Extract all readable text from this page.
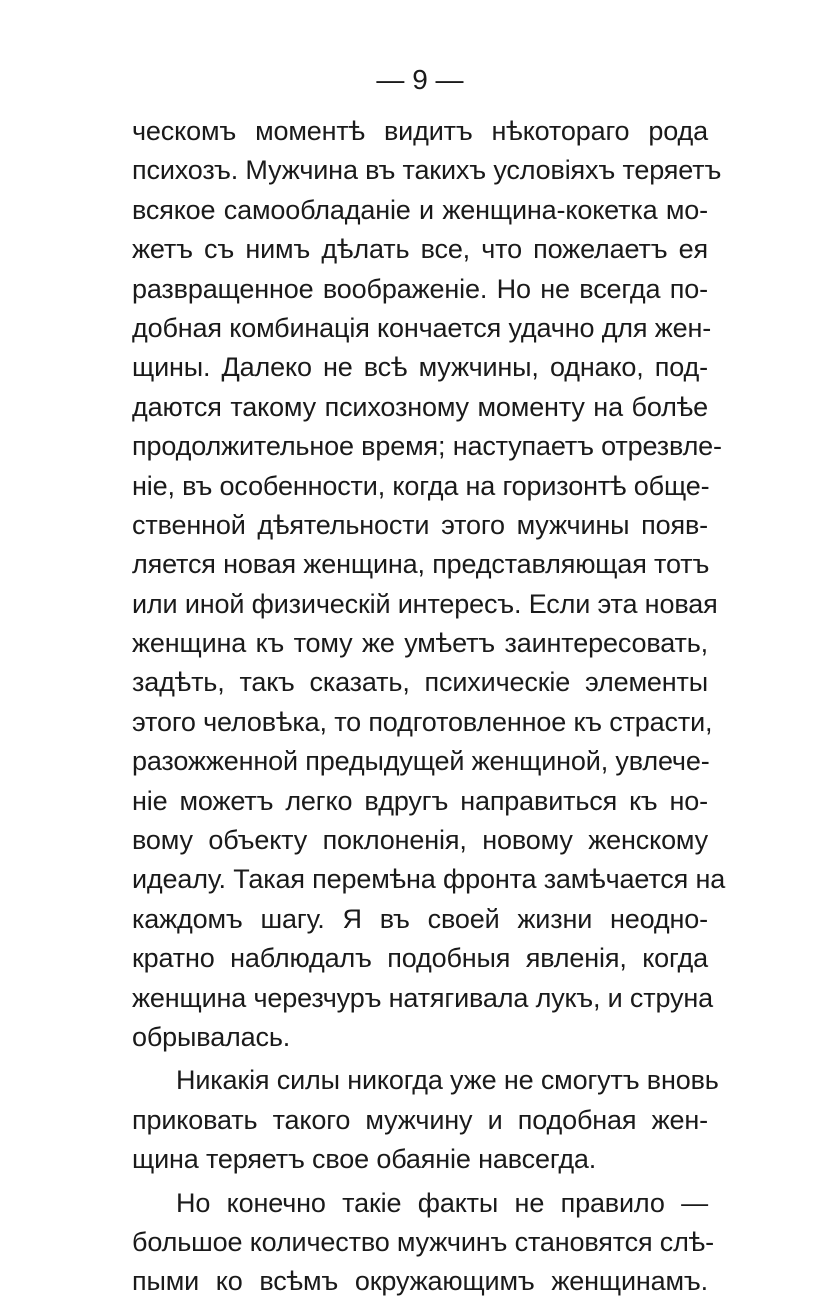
— 9 —
ческомъ моментѣ видитъ нѣкотораго рода
психозъ. Мужчина въ такихъ условіяхъ теряетъ
всякое самообладаніе и женщина-кокетка мо-
жетъ съ нимъ дѣлать все, что пожелаетъ ея
развращенное воображеніе. Но не всегда по-
добная комбинація кончается удачно для жен-
щины. Далеко не всѣ мужчины, однако, под-
даются такому психозному моменту на болѣе
продолжительное время; наступаетъ отрезвле-
ніе, въ особенности, когда на горизонтѣ обще-
ственной дѣятельности этого мужчины появ-
ляется новая женщина, представляющая тотъ
или иной физическій интересъ. Если эта новая
женщина къ тому же умѣетъ заинтересовать,
задѣть, такъ сказать, психическіе элементы
этого человѣка, то подготовленное къ страсти,
разожженной предыдущей женщиной, увлече-
ніе можетъ легко вдругъ направиться къ но-
вому объекту поклоненія, новому женскому
идеалу. Такая перемѣна фронта замѣчается на
каждомъ шагу. Я въ своей жизни неодно-
кратно наблюдалъ подобныя явленія, когда
женщина черезчуръ натягивала лукъ, и струна
обрывалась.
Никакія силы никогда уже не смогутъ вновь
приковать такого мужчину и подобная жен-
щина теряетъ свое обаяніе навсегда.
Но конечно такіе факты не правило —
большое количество мужчинъ становятся слѣ-
пыми ко всѣмъ окружающимъ женщинамъ.
